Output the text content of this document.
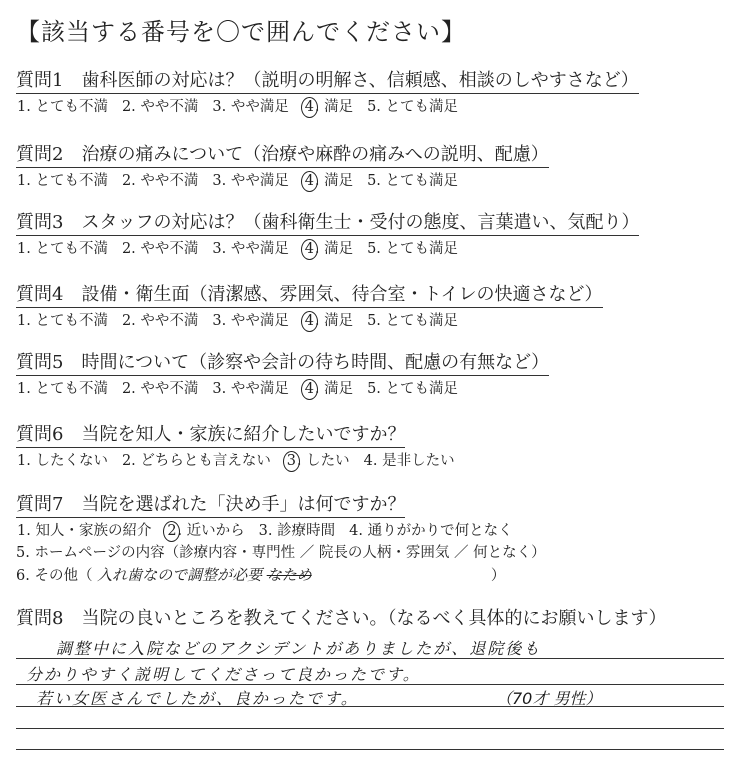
【該当する番号を〇で囲んでください】
質問1　歯科医師の対応は？（説明の明解さ、信頼感、相談のしやすさなど）
1. とても不満 2. やや不満 3. やや満足 4. 満足 5. とても満足
質問2　治療の痛みについて（治療や麻酔の痛みへの説明、配慮）
1. とても不満 2. やや不満 3. やや満足 4. 満足 5. とても満足
質問3　スタッフの対応は？（歯科衛生士・受付の態度、言葉遣い、気配り）
1. とても不満 2. やや不満 3. やや満足 4. 満足 5. とても満足
質問4　設備・衛生面（清潔感、雰囲気、待合室・トイレの快適さなど）
1. とても不満 2. やや不満 3. やや満足 4. 満足 5. とても満足
質問5　時間について（診察や会計の待ち時間、配慮の有無など）
1. とても不満 2. やや不満 3. やや満足 4. 満足 5. とても満足
質問6　当院を知人・家族に紹介したいですか？
1. したくない 2. どちらとも言えない 3. したい 4. 是非したい
質問7　当院を選ばれた「決め手」は何ですか？
1. 知人・家族の紹介 2. 近いから 3. 診療時間 4. 通りがかりで何となく
5. ホームページの内容（診療内容・専門性 ／ 院長の人柄・雰囲気 ／ 何となく）
6. その他（ 入れ歯なので調整が必要 なため	）
質問8　当院の良いところを教えてください。（なるべく具体的にお願いします）
調整中に入院などのアクシデントがありましたが、退院後も
分かりやすく説明してくださって良かったです。
若い女医さんでしたが、良かったです。	（70才 男性）
